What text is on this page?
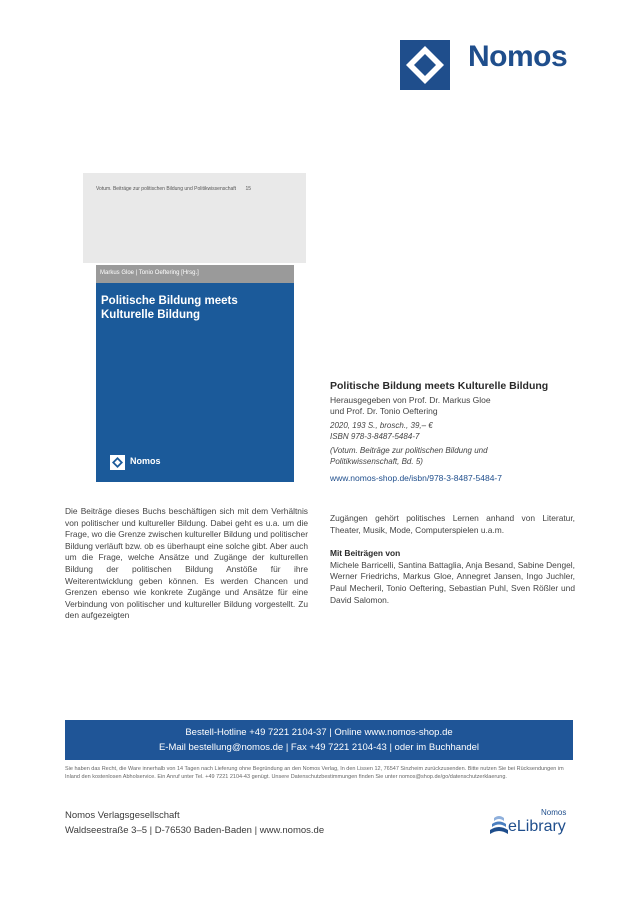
Nomos
Votum. Beiträge zur politischen Bildung und Politikwissenschaft 15
Markus Gloe | Tonio Oeftering [Hrsg.]
Politische Bildung meets
Kulturelle Bildung
Nomos
Politische Bildung meets Kulturelle Bildung
Herausgegeben von Prof. Dr. Markus Gloe
und Prof. Dr. Tonio Oeftering
2020, 193 S., brosch., 39,– €
ISBN 978-3-8487-5484-7
(Votum. Beiträge zur politischen Bildung und
Politikwissenschaft, Bd. 5)
www.nomos-shop.de/isbn/978-3-8487-5484-7
Die Beiträge dieses Buchs beschäftigen sich mit dem Verhältnis von politischer und kultureller Bildung. Dabei geht es u.a. um die Frage, wo die Grenze zwischen kultureller Bildung und politischer Bildung verläuft bzw. ob es überhaupt eine solche gibt. Aber auch um die Frage, welche Ansätze und Zugänge der kulturellen Bildung der politischen Bildung Anstöße für ihre Weiterentwicklung geben können. Es werden Chancen und Grenzen ebenso wie konkrete Zugänge und Ansätze für eine Verbindung von politischer und kultureller Bildung vorgestellt. Zu den aufgezeigten
Zugängen gehört politisches Lernen anhand von Literatur, Theater, Musik, Mode, Computerspielen u.a.m.
Mit Beiträgen von
Michele Barricelli, Santina Battaglia, Anja Besand, Sabine Dengel, Werner Friedrichs, Markus Gloe, Annegret Jansen, Ingo Juchler, Paul Mecheril, Tonio Oeftering, Sebastian Puhl, Sven Rößler und David Salomon.
Bestell-Hotline +49 7221 2104-37 | Online www.nomos-shop.de
E-Mail bestellung@nomos.de | Fax +49 7221 2104-43 | oder im Buchhandel
Sie haben das Recht, die Ware innerhalb von 14 Tagen nach Lieferung ohne Begründung an den Nomos Verlag, In den Lissen 12, 76547 Sinzheim zurückzusenden. Bitte nutzen Sie bei Rücksendungen im Inland den kostenlosen Abholservice. Ein Anruf unter Tel. +49 7221 2104-43 genügt. Unsere Datenschutzbestimmungen finden Sie unter nomos@shop.de/go/datenschutzerklaerung.
Nomos Verlagsgesellschaft
Waldseestraße 3–5 | D-76530 Baden-Baden | www.nomos.de
Nomos
eLibrary
